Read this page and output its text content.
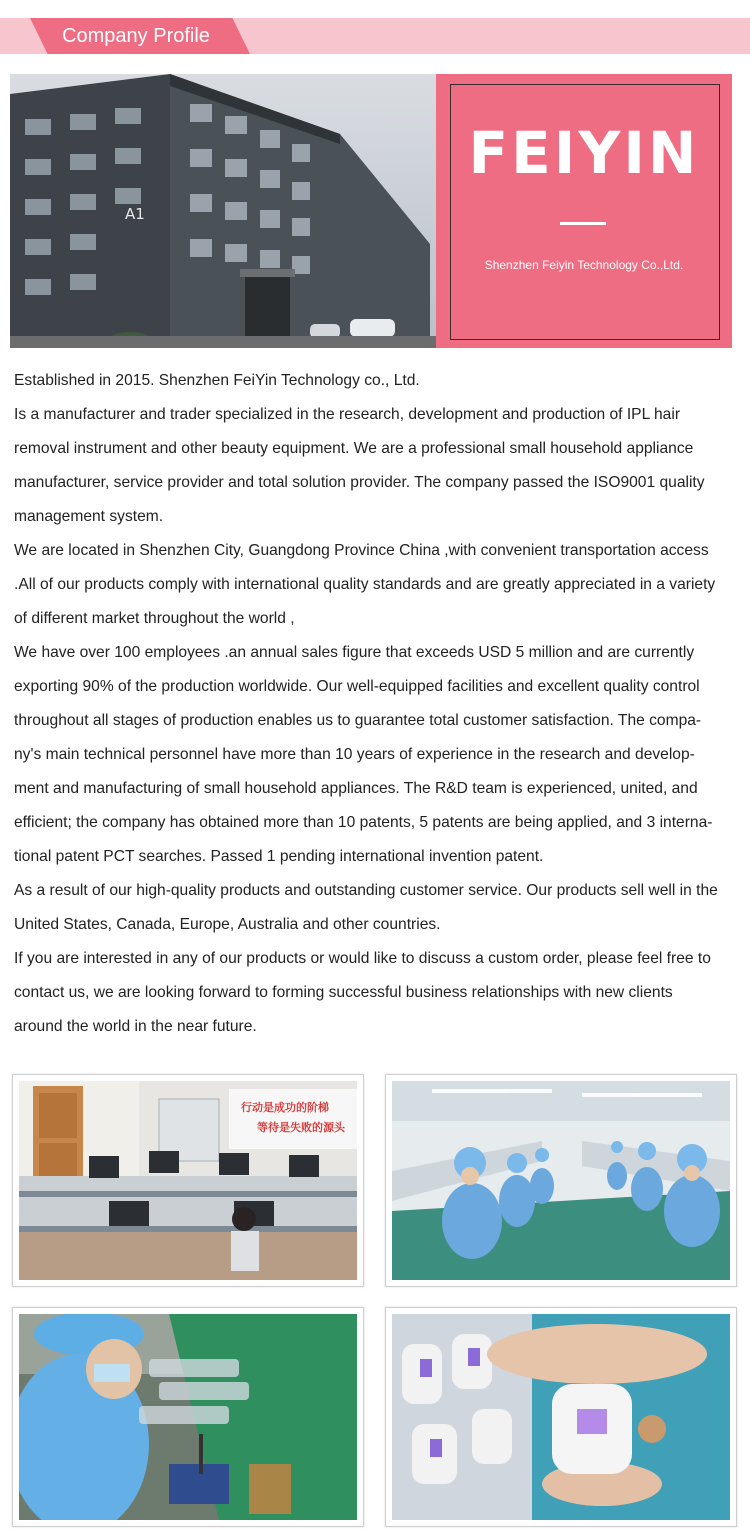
Company Profile
A1
FEIYIN
Shenzhen Feiyin Technology Co.,Ltd.
Established in 2015. Shenzhen FeiYin Technology co., Ltd.
Is a manufacturer and trader specialized in the research, development and production of IPL hair
removal instrument and other beauty equipment. We are a professional small household appliance
manufacturer, service provider and total solution provider. The company passed the ISO9001 quality
management system.
We are located in Shenzhen City, Guangdong Province China ,with convenient transportation access
.All of our products comply with international quality standards and are greatly appreciated in a variety
of different market throughout the world ,
We have over 100 employees .an annual sales figure that exceeds USD 5 million and are currently
exporting 90% of the production worldwide. Our well-equipped facilities and excellent quality control
throughout all stages of production enables us to guarantee total customer satisfaction. The compa-
ny's main technical personnel have more than 10 years of experience in the research and develop-
ment and manufacturing of small household appliances. The R&D team is experienced, united, and
efficient; the company has obtained more than 10 patents, 5 patents are being applied, and 3 interna-
tional patent PCT searches. Passed 1 pending international invention patent.
As a result of our high-quality products and outstanding customer service. Our products sell well in the
United States, Canada, Europe, Australia and other countries.
If you are interested in any of our products or would like to discuss a custom order, please feel free to
contact us, we are looking forward to forming successful business relationships with new clients
around the world in the near future.
行动是成功的阶梯
等待是失败的源头
